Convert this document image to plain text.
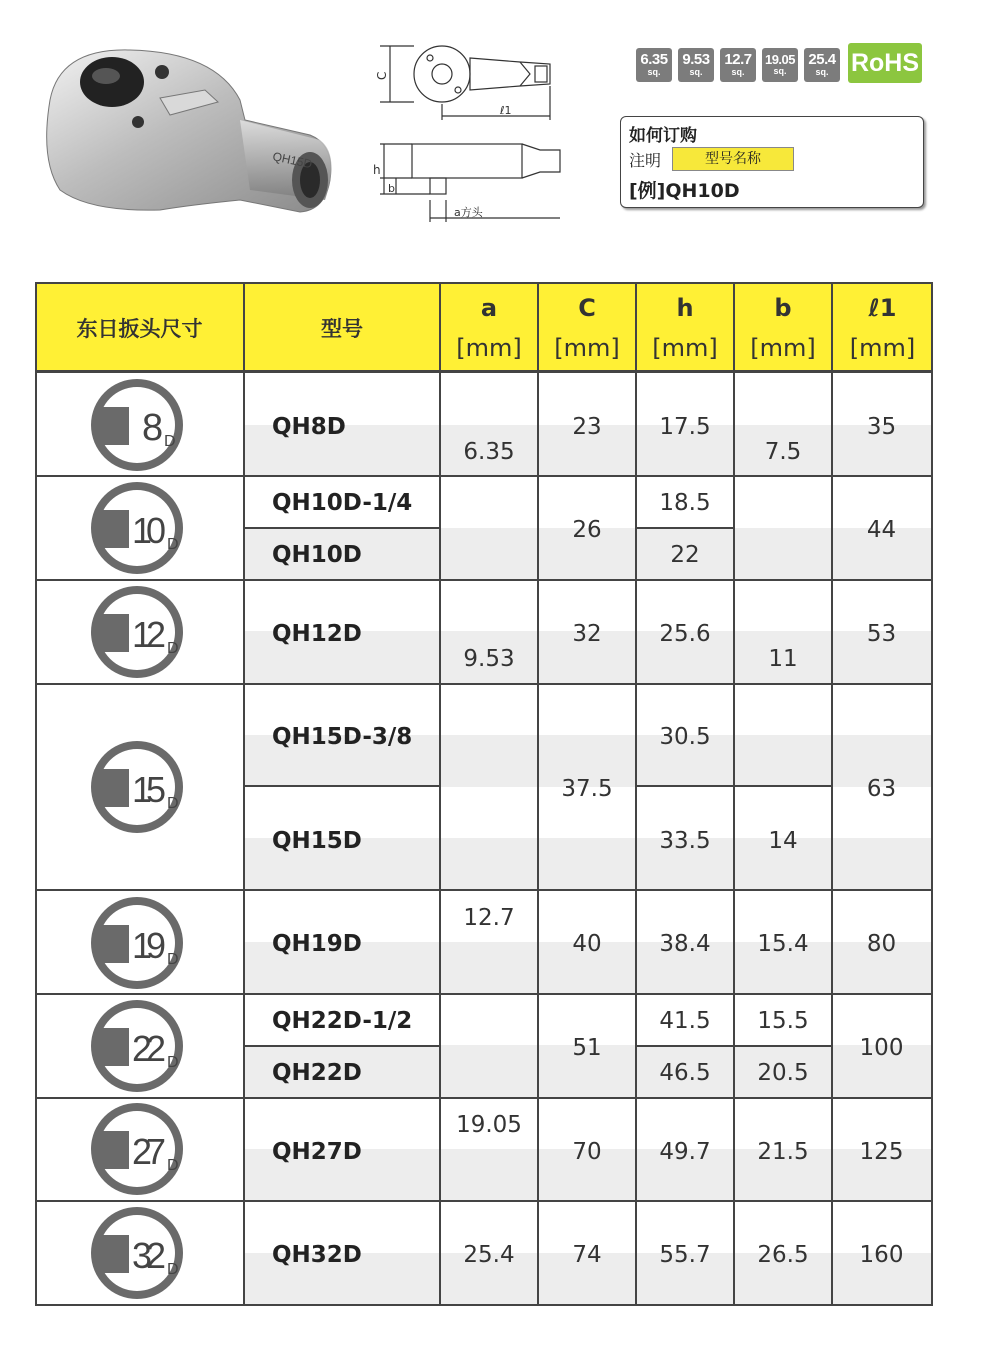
QH15D
C
ℓ1
h
b
a方头
6.35
sq.
9.53
sq.
12.7
sq.
19.05
sq.
25.4
sq. RoHS
如何订购
注明	型号名称
[例]QH10D
东日扳头尺寸	型号
a
[mm]
C
[mm]
h
[mm]
b
[mm]
ℓ1
[mm]
8 D
10 D
12 D
15 D
19 D
22 D
27 D
32 D
QH8D
QH10D-1/4
QH10D
QH12D
QH15D-3/8
QH15D
QH19D
QH22D-1/2
QH22D
QH27D
QH32D
6.35
9.53
12.7
19.05
25.4
23
26
32
37.5
40
51
70
74
17.5
18.5
22
25.6
30.5
33.5
38.4
41.5
46.5
49.7
55.7
7.5
11
14
15.4
15.5
20.5
21.5
26.5
35
44
53
63
80
100
125
160
